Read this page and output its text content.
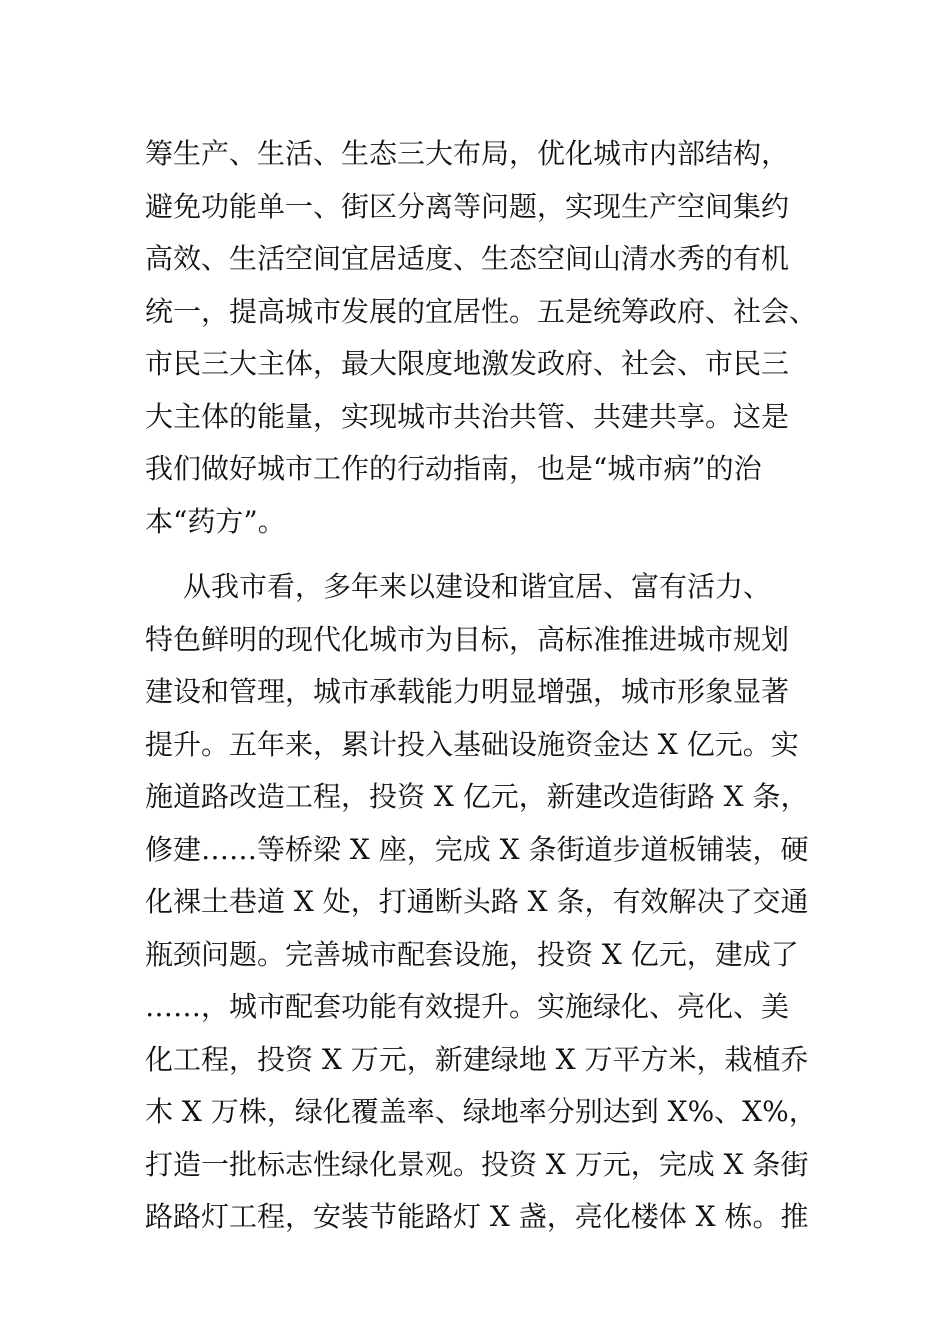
筹生产、生活、生态三大布局，优化城市内部结构，
避免功能单一、街区分离等问题，实现生产空间集约
高效、生活空间宜居适度、生态空间山清水秀的有机
统一，提高城市发展的宜居性。五是统筹政府、社会、
市民三大主体，最大限度地激发政府、社会、市民三
大主体的能量，实现城市共治共管、共建共享。这是
我们做好城市工作的行动指南，也是“城市病”的治
本“药方”。
从我市看，多年来以建设和谐宜居、富有活力、
特色鲜明的现代化城市为目标，高标准推进城市规划
建设和管理，城市承载能力明显增强，城市形象显著
提升。五年来，累计投入基础设施资金达 X 亿元。实
施道路改造工程，投资 X 亿元，新建改造街路 X 条，
修建……等桥梁 X 座，完成 X 条街道步道板铺装，硬
化裸土巷道 X 处，打通断头路 X 条，有效解决了交通
瓶颈问题。完善城市配套设施，投资 X 亿元，建成了
……，城市配套功能有效提升。实施绿化、亮化、美
化工程，投资 X 万元，新建绿地 X 万平方米，栽植乔
木 X 万株，绿化覆盖率、绿地率分别达到 X%、X%，
打造一批标志性绿化景观。投资 X 万元，完成 X 条街
路路灯工程，安装节能路灯 X 盏，亮化楼体 X 栋。推
